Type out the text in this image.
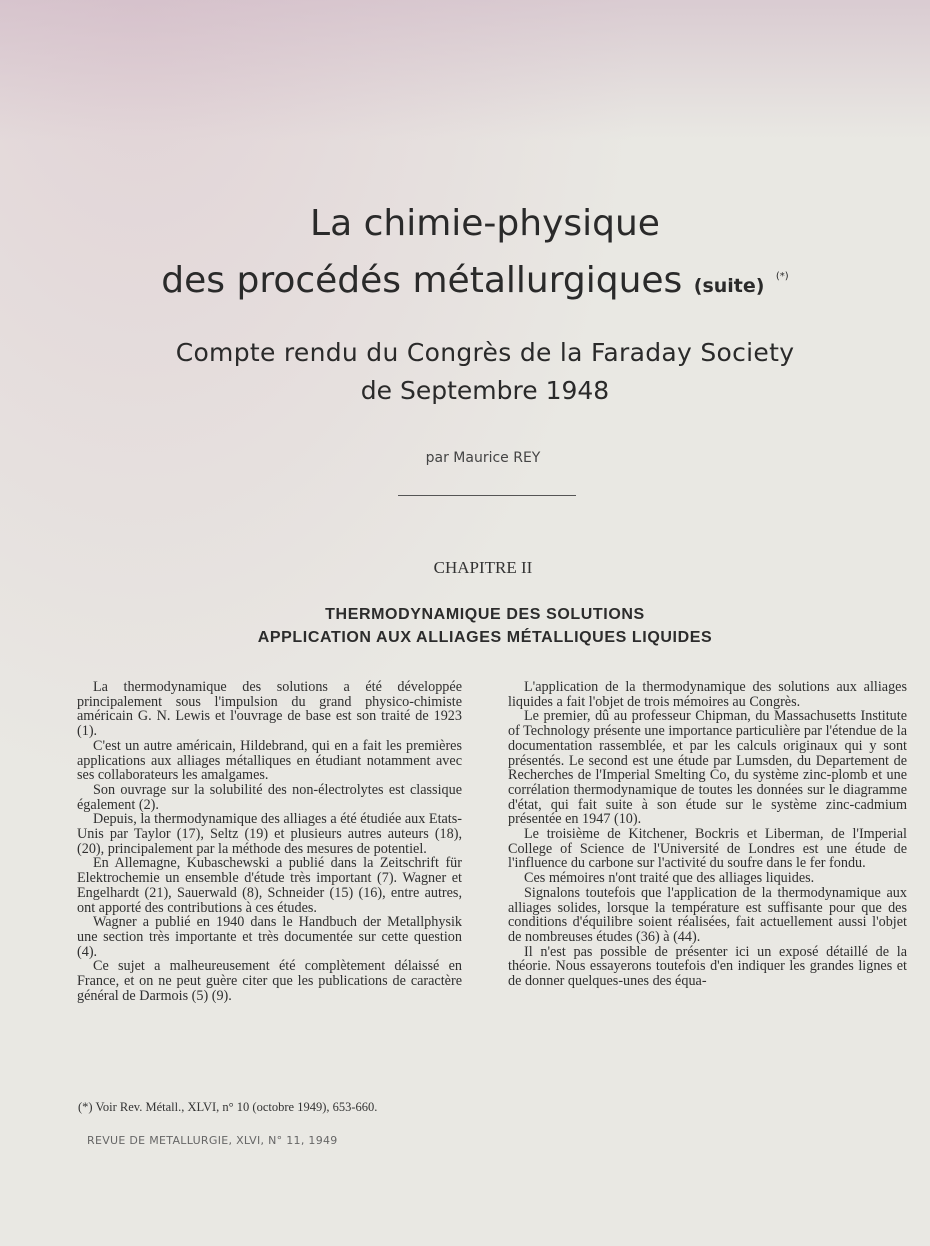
La chimie-physique
des procédés métallurgiques (suite) (*)
Compte rendu du Congrès de la Faraday Society
de Septembre 1948
par Maurice REY
CHAPITRE II
THERMODYNAMIQUE DES SOLUTIONS
APPLICATION AUX ALLIAGES MÉTALLIQUES LIQUIDES

La thermodynamique des solutions a été développée principalement sous l'impulsion du grand physico-chimiste américain G. N. Lewis et l'ouvrage de base est son traité de 1923 (1).

C'est un autre américain, Hildebrand, qui en a fait les premières applications aux alliages métalliques en étudiant notamment avec ses collaborateurs les amalgames.

Son ouvrage sur la solubilité des non-électrolytes est classique également (2).

Depuis, la thermodynamique des alliages a été étudiée aux Etats-Unis par Taylor (17), Seltz (19) et plusieurs autres auteurs (18), (20), principalement par la méthode des mesures de potentiel.

En Allemagne, Kubaschewski a publié dans la Zeitschrift für Elektrochemie un ensemble d'étude très important (7). Wagner et Engelhardt (21), Sauerwald (8), Schneider (15) (16), entre autres, ont apporté des contributions à ces études.

Wagner a publié en 1940 dans le Handbuch der Metallphysik une section très importante et très documentée sur cette question (4).

Ce sujet a malheureusement été complètement délaissé en France, et on ne peut guère citer que les publications de caractère général de Darmois (5) (9).

L'application de la thermodynamique des solutions aux alliages liquides a fait l'objet de trois mémoires au Congrès.

Le premier, dû au professeur Chipman, du Massachusetts Institute of Technology présente une importance particulière par l'étendue de la documentation rassemblée, et par les calculs originaux qui y sont présentés. Le second est une étude par Lumsden, du Departement de Recherches de l'Imperial Smelting Co, du système zinc-plomb et une corrélation thermodynamique de toutes les données sur le diagramme d'état, qui fait suite à son étude sur le système zinc-cadmium présentée en 1947 (10).

Le troisième de Kitchener, Bockris et Liberman, de l'Imperial College of Science de l'Université de Londres est une étude de l'influence du carbone sur l'activité du soufre dans le fer fondu.

Ces mémoires n'ont traité que des alliages liquides.

Signalons toutefois que l'application de la thermodynamique aux alliages solides, lorsque la température est suffisante pour que des conditions d'équilibre soient réalisées, fait actuellement aussi l'objet de nombreuses études (36) à (44).

Il n'est pas possible de présenter ici un exposé détaillé de la théorie. Nous essayerons toutefois d'en indiquer les grandes lignes et de donner quelques-unes des équa-

(*) Voir Rev. Métall., XLVI, n° 10 (octobre 1949), 653-660.
REVUE DE METALLURGIE, XLVI, N° 11, 1949
